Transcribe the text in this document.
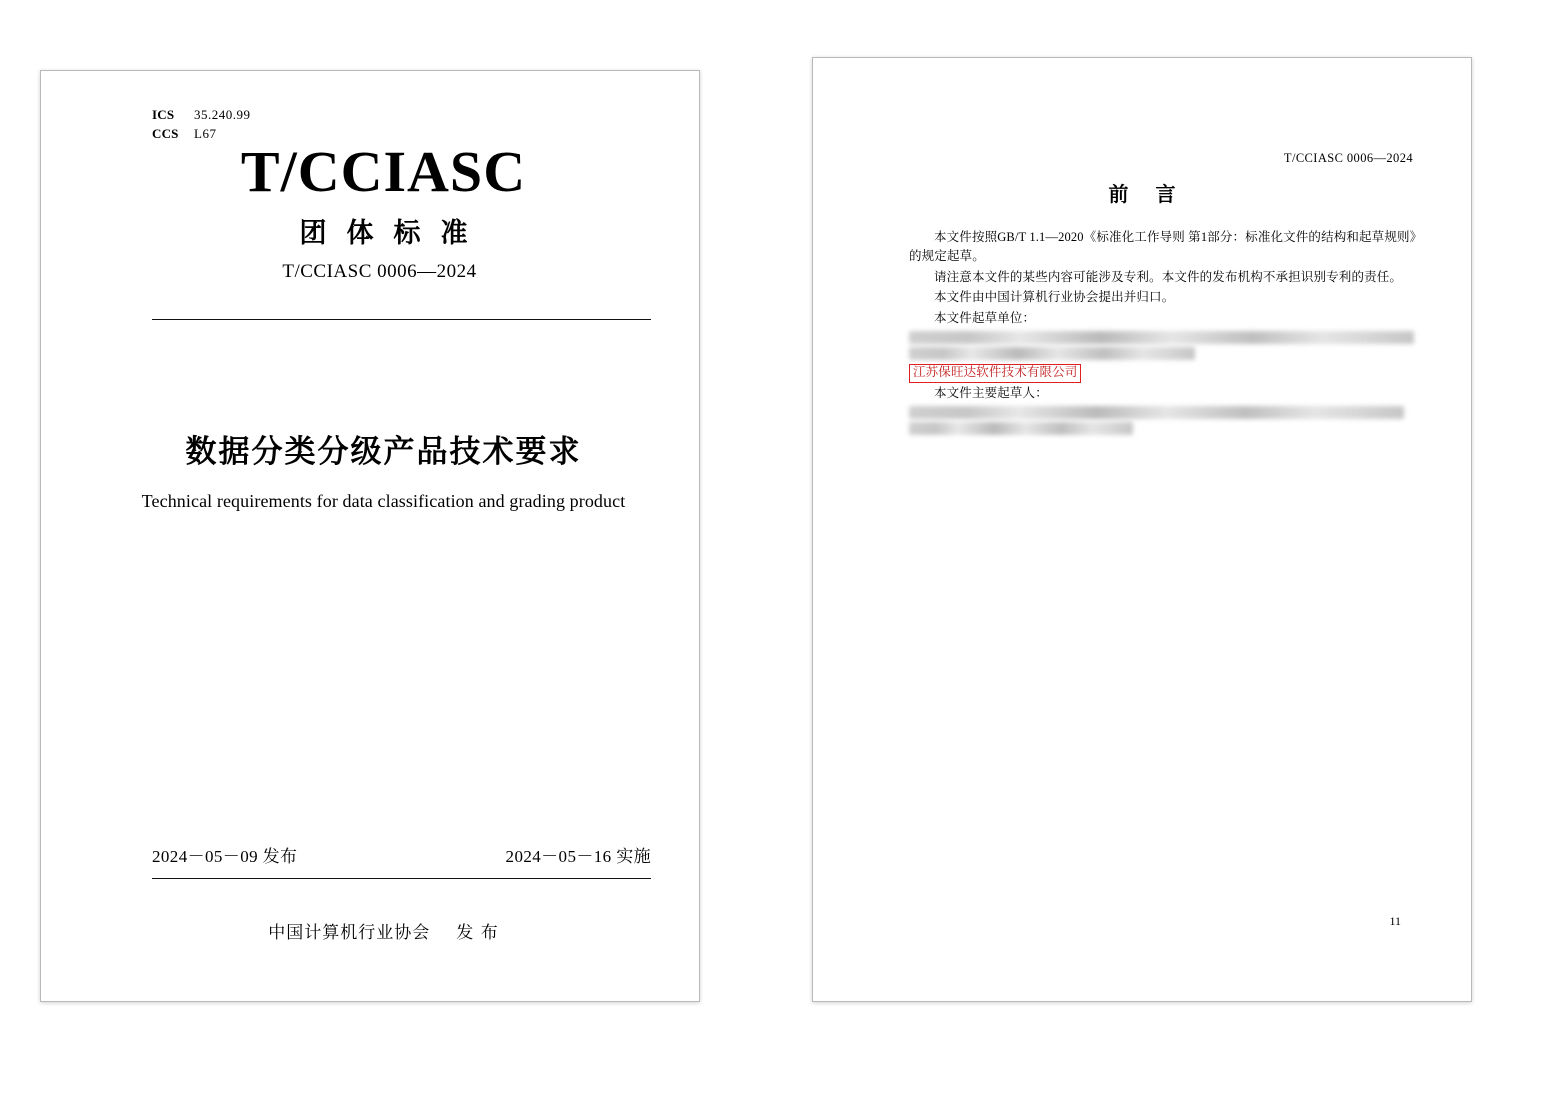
ICS	35.240.99
CCS	L67
T/CCIASC
团体标准
T/CCIASC 0006—2024
数据分类分级产品技术要求
Technical requirements for data classification and grading product
2024－05－09 发布	2024－05－16 实施
中国计算机行业协会 发 布
T/CCIASC 0006—2024
前 言

本文件按照GB/T 1.1—2020《标准化工作导则 第1部分：标准化文件的结构和起草规则》的规定起草。

请注意本文件的某些内容可能涉及专利。本文件的发布机构不承担识别专利的责任。

本文件由中国计算机行业协会提出并归口。

本文件起草单位：

江苏保旺达软件技术有限公司

本文件主要起草人：

11
